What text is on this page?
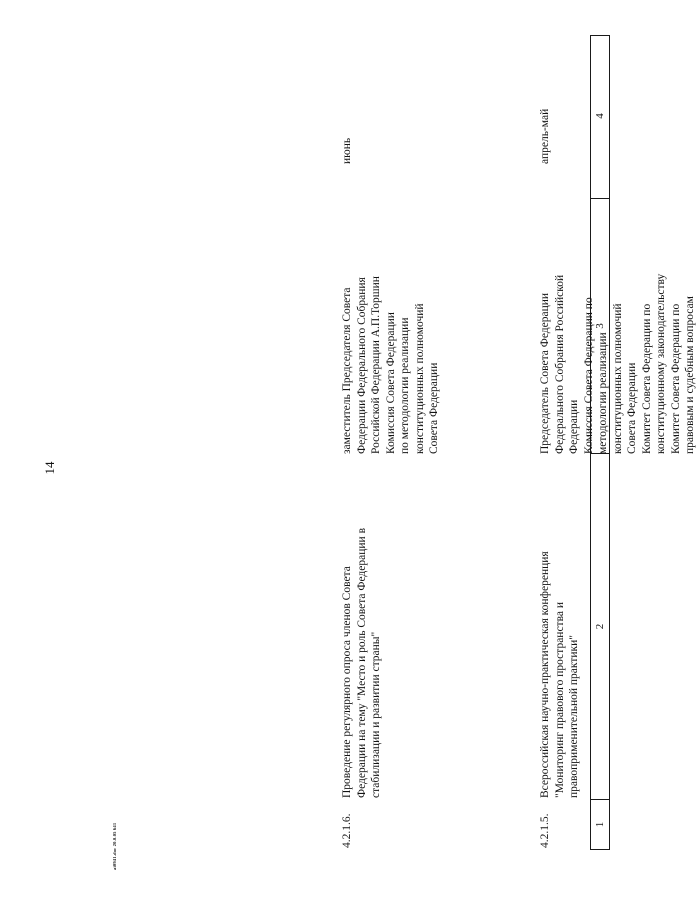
14
1
2
3
4
4.2.1.5.
Всероссийская научно-практическая конференция
"Мониторинг правового пространства и
правоприменительной практики"
Председатель Совета Федерации
Федерального Собрания Российской
Федерации
Комиссия Совета Федерации по
методологии реализации
конституционных полномочий
Совета Федерации
Комитет Совета Федерации по
конституционному законодательству
Комитет Совета Федерации по
правовым и судебным вопросам
апрель-май
4.2.1.6.
Проведение регулярного опроса членов Совета
Федерации на тему "Место и роль Совета Федерации в
стабилизации и развитии страны"
заместитель Председателя Совета
Федерации Федерального Собрания
Российской Федерации А.П.Торшин
Комиссия Совета Федерации
по методологии реализации
конституционных полномочий
Совета Федерации
июнь
ai0941.doc 20.0.05 641
